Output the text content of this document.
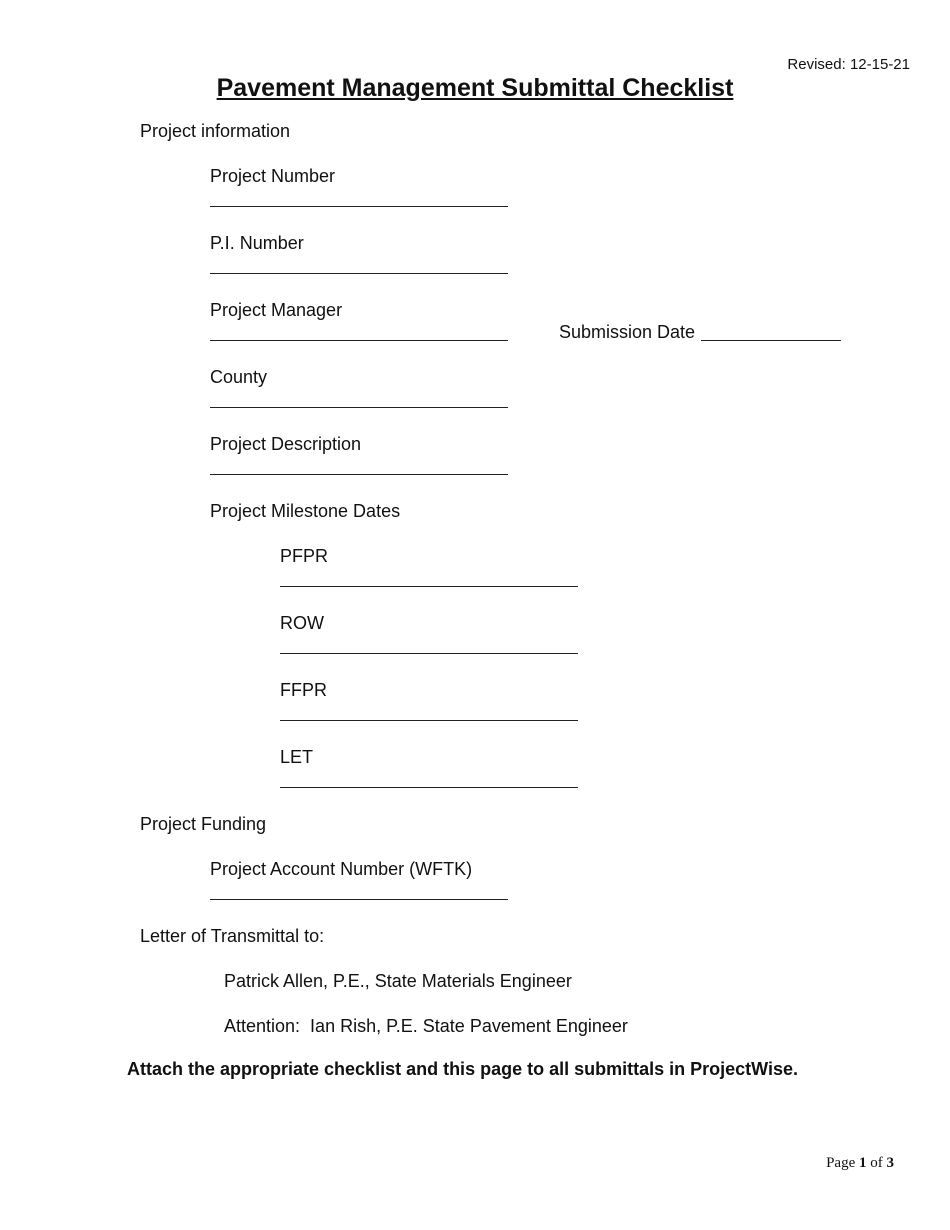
Revised: 12-15-21
Pavement Management Submittal Checklist
Project information
Project Number
P.I. Number
Project Manager
Submission Date
County
Project Description
Project Milestone Dates
PFPR
ROW
FFPR
LET
Project Funding
Project Account Number (WFTK)
Letter of Transmittal to:
Patrick Allen, P.E., State Materials Engineer
Attention:  Ian Rish, P.E. State Pavement Engineer
Attach the appropriate checklist and this page to all submittals in ProjectWise.
Page 1 of 3
